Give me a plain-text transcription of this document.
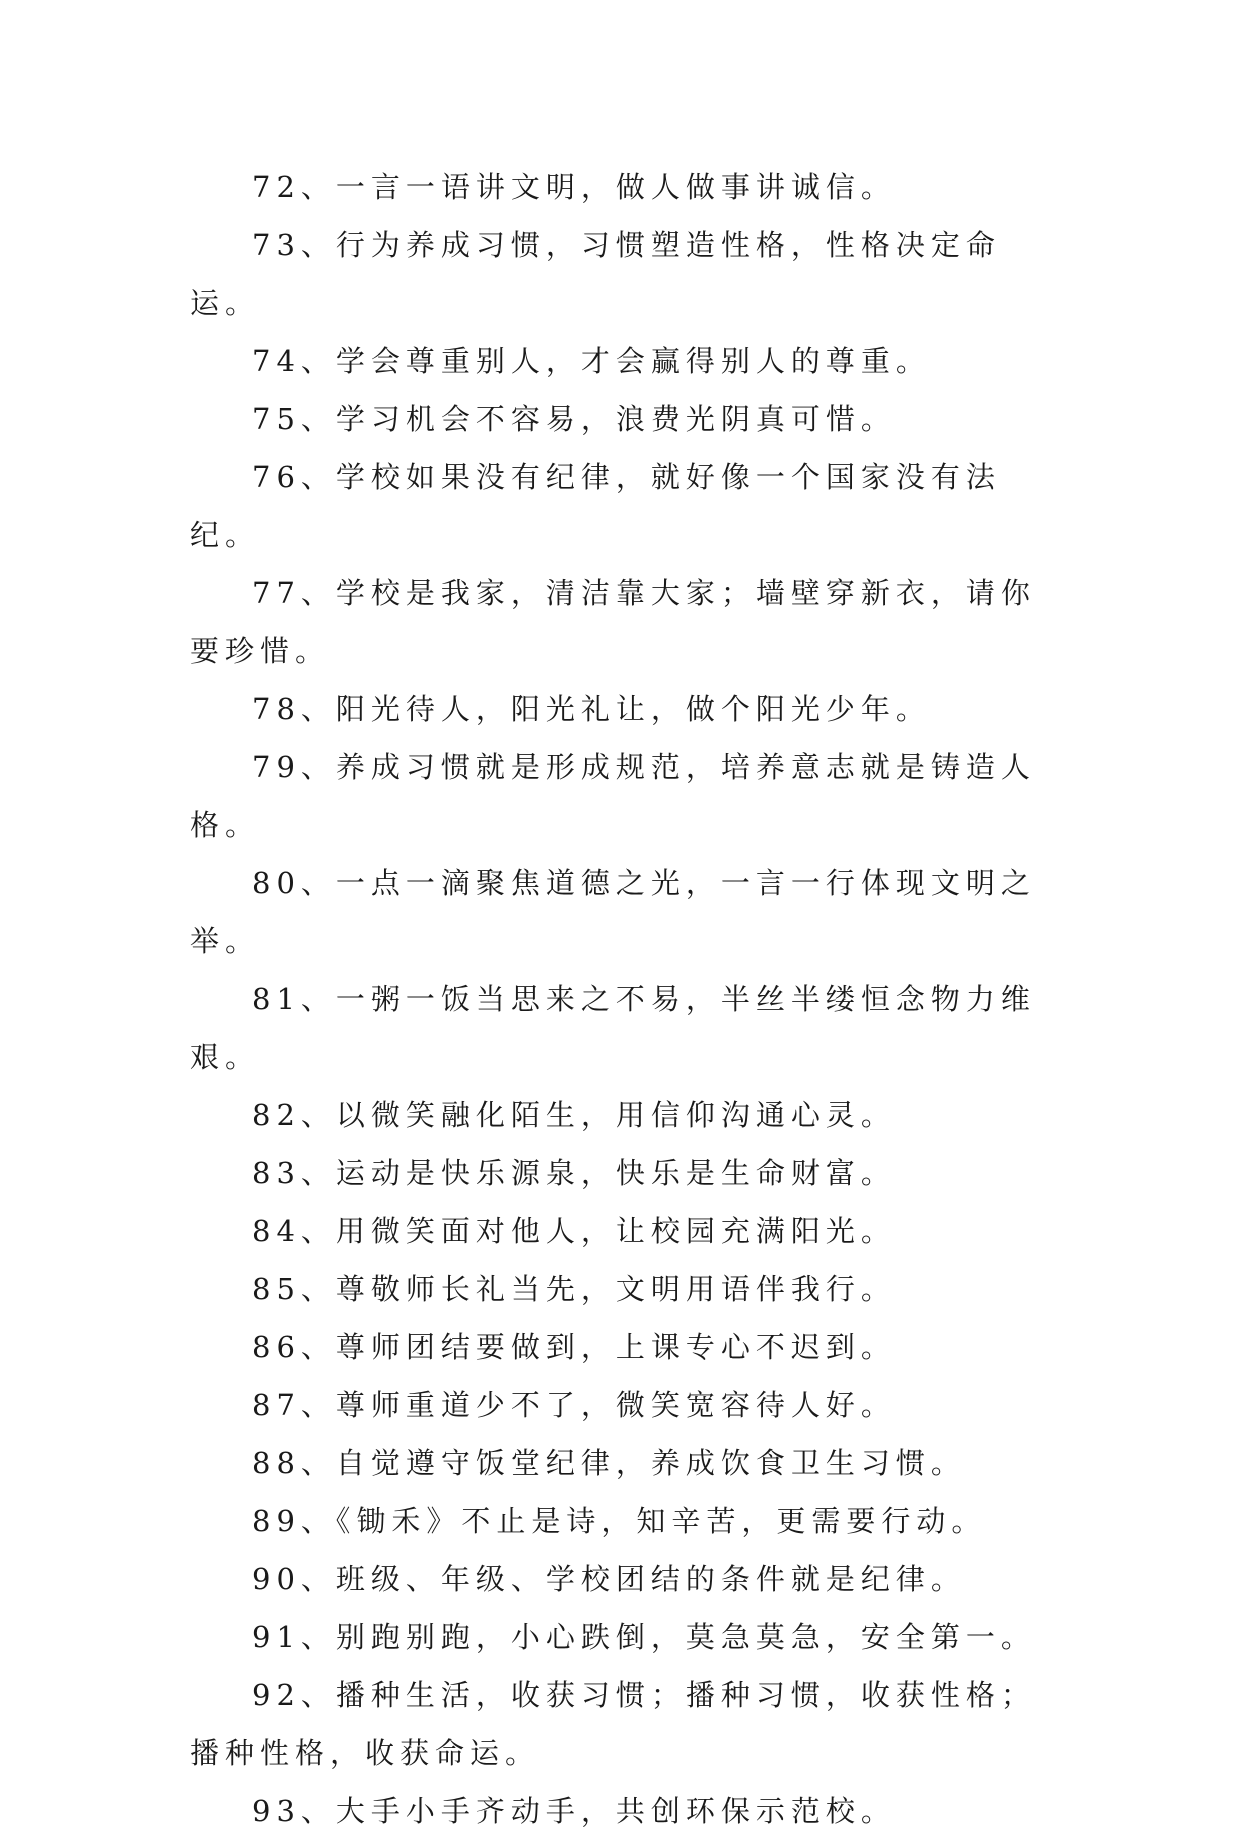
72、一言一语讲文明，做人做事讲诚信。

73、行为养成习惯，习惯塑造性格，性格决定命运。

74、学会尊重别人，才会赢得别人的尊重。

75、学习机会不容易，浪费光阴真可惜。

76、学校如果没有纪律，就好像一个国家没有法纪。

77、学校是我家，清洁靠大家；墙壁穿新衣，请你要珍惜。

78、阳光待人，阳光礼让，做个阳光少年。

79、养成习惯就是形成规范，培养意志就是铸造人格。

80、一点一滴聚焦道德之光，一言一行体现文明之举。

81、一粥一饭当思来之不易，半丝半缕恒念物力维艰。

82、以微笑融化陌生，用信仰沟通心灵。

83、运动是快乐源泉，快乐是生命财富。

84、用微笑面对他人，让校园充满阳光。

85、尊敬师长礼当先，文明用语伴我行。

86、尊师团结要做到，上课专心不迟到。

87、尊师重道少不了，微笑宽容待人好。

88、自觉遵守饭堂纪律，养成饮食卫生习惯。

89、《锄禾》不止是诗，知辛苦，更需要行动。

90、班级、年级、学校团结的条件就是纪律。

91、别跑别跑，小心跌倒，莫急莫急，安全第一。

92、播种生活，收获习惯；播种习惯，收获性格；播种性格，收获命运。

93、大手小手齐动手，共创环保示范校。
